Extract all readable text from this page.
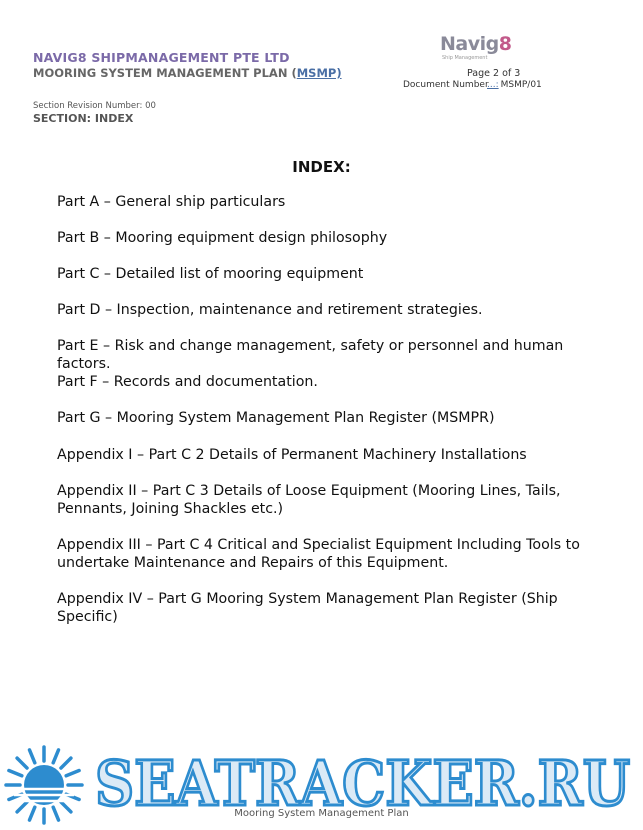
NAVIG8 SHIPMANAGEMENT PTE LTD
MOORING SYSTEM MANAGEMENT PLAN (MSMP)
Navig8
Ship Management
Page 2 of 3
Document Number
...: MSMP/01
Section Revision Number: 00
SECTION: INDEX
INDEX:
Part A – General ship particulars
Part B – Mooring equipment design philosophy
Part C – Detailed list of mooring equipment
Part D – Inspection, maintenance and retirement strategies.
Part E – Risk and change management, safety or personnel and human factors.
Part F – Records and documentation.
Part G – Mooring System Management Plan Register (MSMPR)
Appendix I – Part C 2 Details of Permanent Machinery Installations
Appendix II – Part C 3 Details of Loose Equipment (Mooring Lines, Tails, Pennants, Joining Shackles etc.)
Appendix III – Part C 4 Critical and Specialist Equipment Including Tools to undertake Maintenance and Repairs of this Equipment.
Appendix IV – Part G Mooring System Management Plan Register (Ship Specific)
SEATRACKER.RU
Mooring System Management Plan
